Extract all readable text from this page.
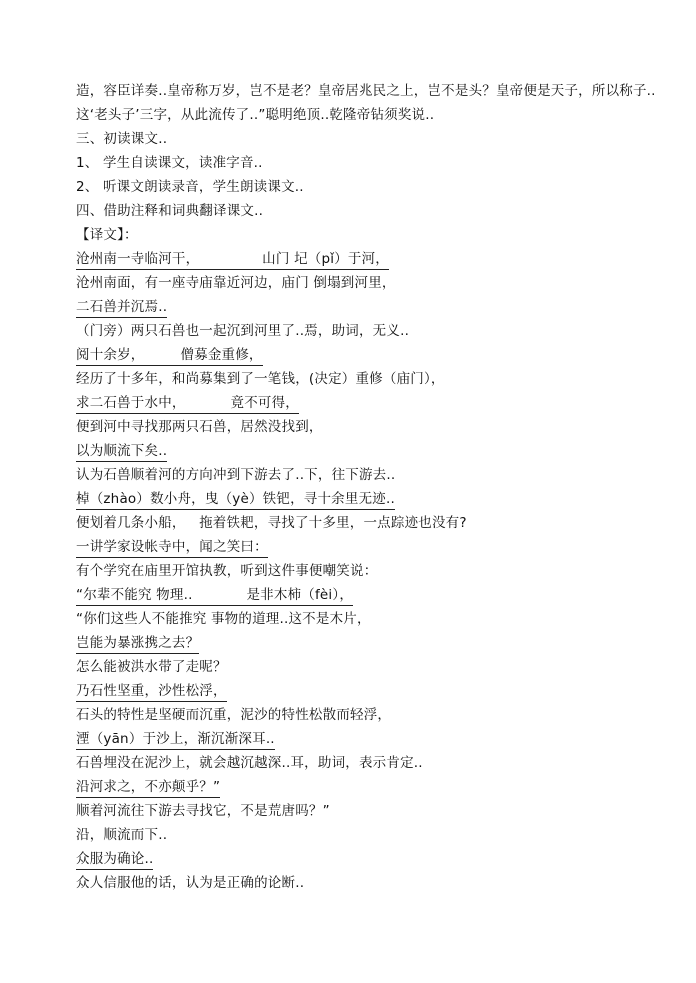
造，容臣详奏..皇帝称万岁，岂不是老？皇帝居兆民之上，岂不是头？皇帝便是天子，所以称子..
这‘老头子’三字，从此流传了..”聪明绝顶..乾隆帝钻须奖说..
三、初读课文..
1、 学生自读课文，读准字音..
2、 听课文朗读录音，学生朗读课文..
四、借助注释和词典翻译课文..
【译文】：
沧州南一寺临河干，              山门 圮（pǐ）于河，
沧州南面，有一座寺庙靠近河边，庙门 倒塌到河里，
二石兽并沉焉..
（门旁）两只石兽也一起沉到河里了..焉，助词，无义..
阅十余岁，        僧募金重修，
经历了十多年，和尚募集到了一笔钱，(决定）重修（庙门），
求二石兽于水中，          竟不可得，
便到河中寻找那两只石兽，居然没找到，
以为顺流下矣..
认为石兽顺着河的方向冲到下游去了..下，往下游去..
棹（zhào）数小舟，曳（yè）铁钯，寻十余里无迹..
便划着几条小船，   拖着铁耙，寻找了十多里，一点踪迹也没有?
一讲学家设帐寺中，闻之笑曰：
有个学究在庙里开馆执教，听到这件事便嘲笑说：
“尔辈不能究 物理..            是非木柿（fèi），
“你们这些人不能推究 事物的道理..这不是木片，
岂能为暴涨携之去？
怎么能被洪水带了走呢？
乃石性坚重，沙性松浮，
石头的特性是坚硬而沉重，泥沙的特性松散而轻浮，
湮（yān）于沙上，渐沉渐深耳..
石兽埋没在泥沙上，就会越沉越深..耳，助词，表示肯定..
沿河求之，不亦颠乎？”
顺着河流往下游去寻找它，不是荒唐吗？”
沿，顺流而下..
众服为确论..
众人信服他的话，认为是正确的论断..
